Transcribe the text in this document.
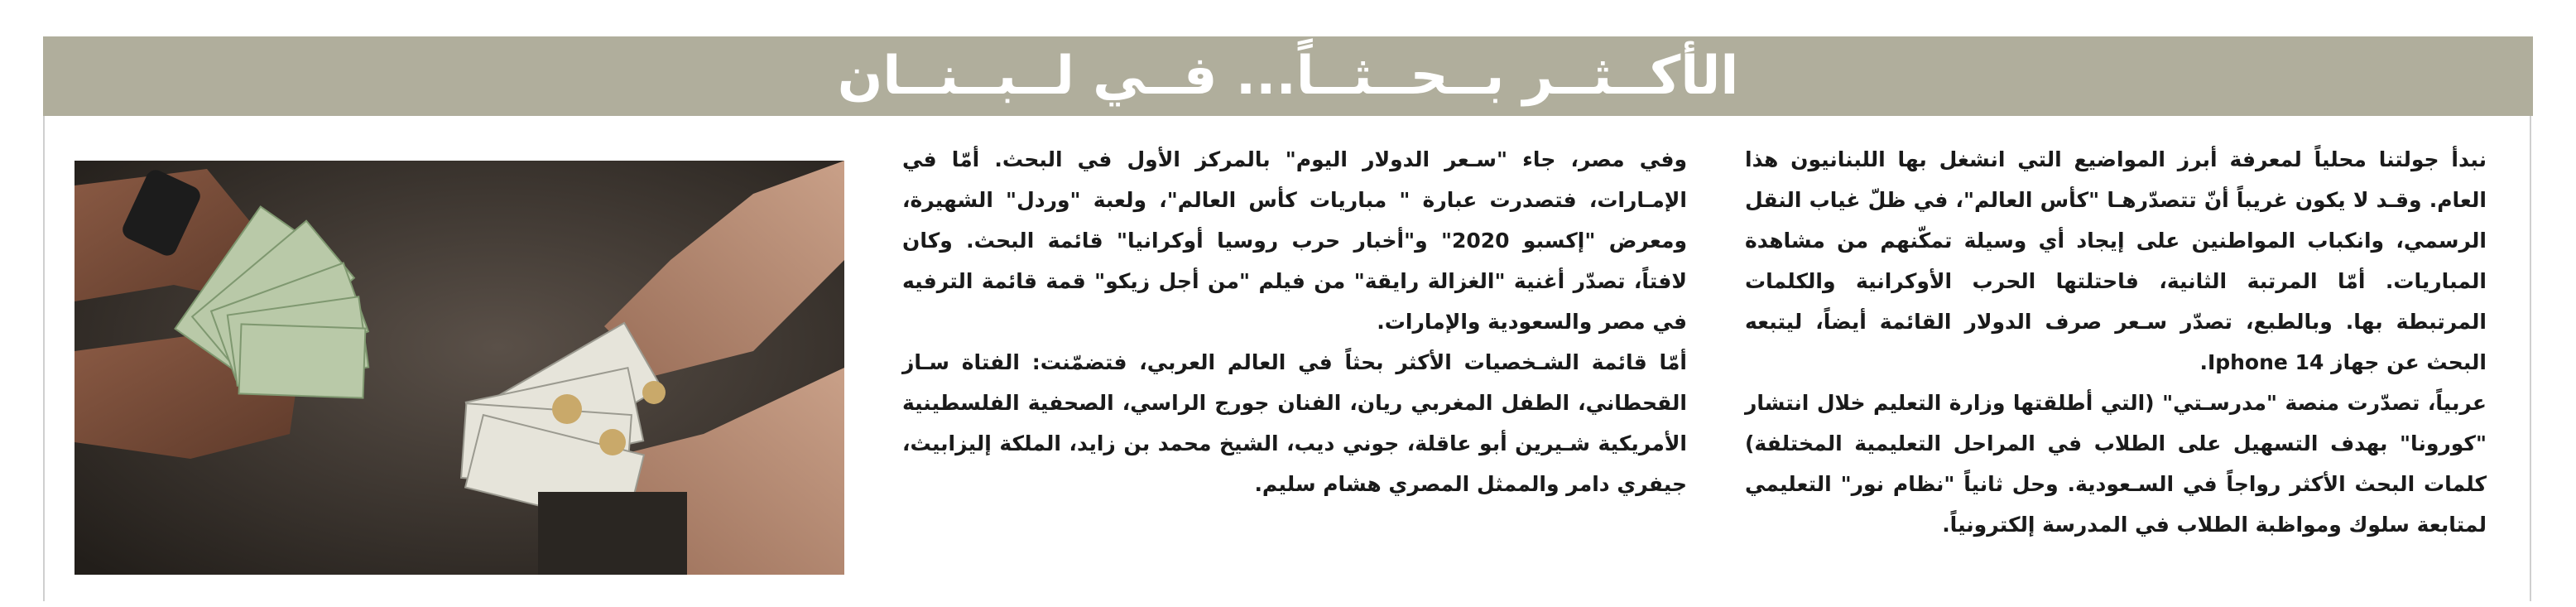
الأكــثــر بــحــثــاً... فــي لــبــنــان

نبدأ جولتنا محلياً لمعرفة أبرز المواضيع التي انشغل بها اللبنانيون هذا العام. وقـد لا يكون غريباً أنّ تتصدّرهـا "كأس العالم"، في ظلّ غياب النقل الرسمي، وانكباب المواطنين على إيجاد أي وسيلة تمكّنهم من مشاهدة المباريات. أمّا المرتبة الثانية، فاحتلتها الحرب الأوكرانية والكلمات المرتبطة بها. وبالطبع، تصدّر سـعر صرف الدولار القائمة أيضاً، ليتبعه البحث عن جهاز Iphone 14.

عربياً، تصدّرت منصة "مدرسـتي" (التي أطلقتها وزارة التعليم خلال انتشار "كورونا" بهدف التسهيل على الطلاب في المراحل التعليمية المختلفة) كلمات البحث الأكثر رواجاً في السـعودية. وحل ثانياً "نظام نور" التعليمي لمتابعة سلوك ومواظبة الطلاب في المدرسة إلكترونياً.

وفي مصر، جاء "سـعر الدولار اليوم" بالمركز الأول في البحث. أمّا في الإمـارات، فتصدرت عبارة " مباريات كأس العالم"، ولعبة "وردل" الشهيرة، ومعرض "إكسبو 2020" و"أخبار حرب روسيا أوكرانيا" قائمة البحث. وكان لافتاً، تصدّر أغنية "الغزالة رايقة" من فيلم "من أجل زيكو" قمة قائمة الترفيه في مصر والسعودية والإمارات.

أمّا قائمة الشـخصيات الأكثر بحثاً في العالم العربي، فتضمّنت: الفتاة سـاز القحطاني، الطفل المغربي ريان، الفنان جورج الراسي، الصحفية الفلسطينية الأمريكية شـيرين أبو عاقلة، جوني ديب، الشيخ محمد بن زايد، الملكة إليزابيث، جيفري دامر والممثل المصري هشام سليم.
